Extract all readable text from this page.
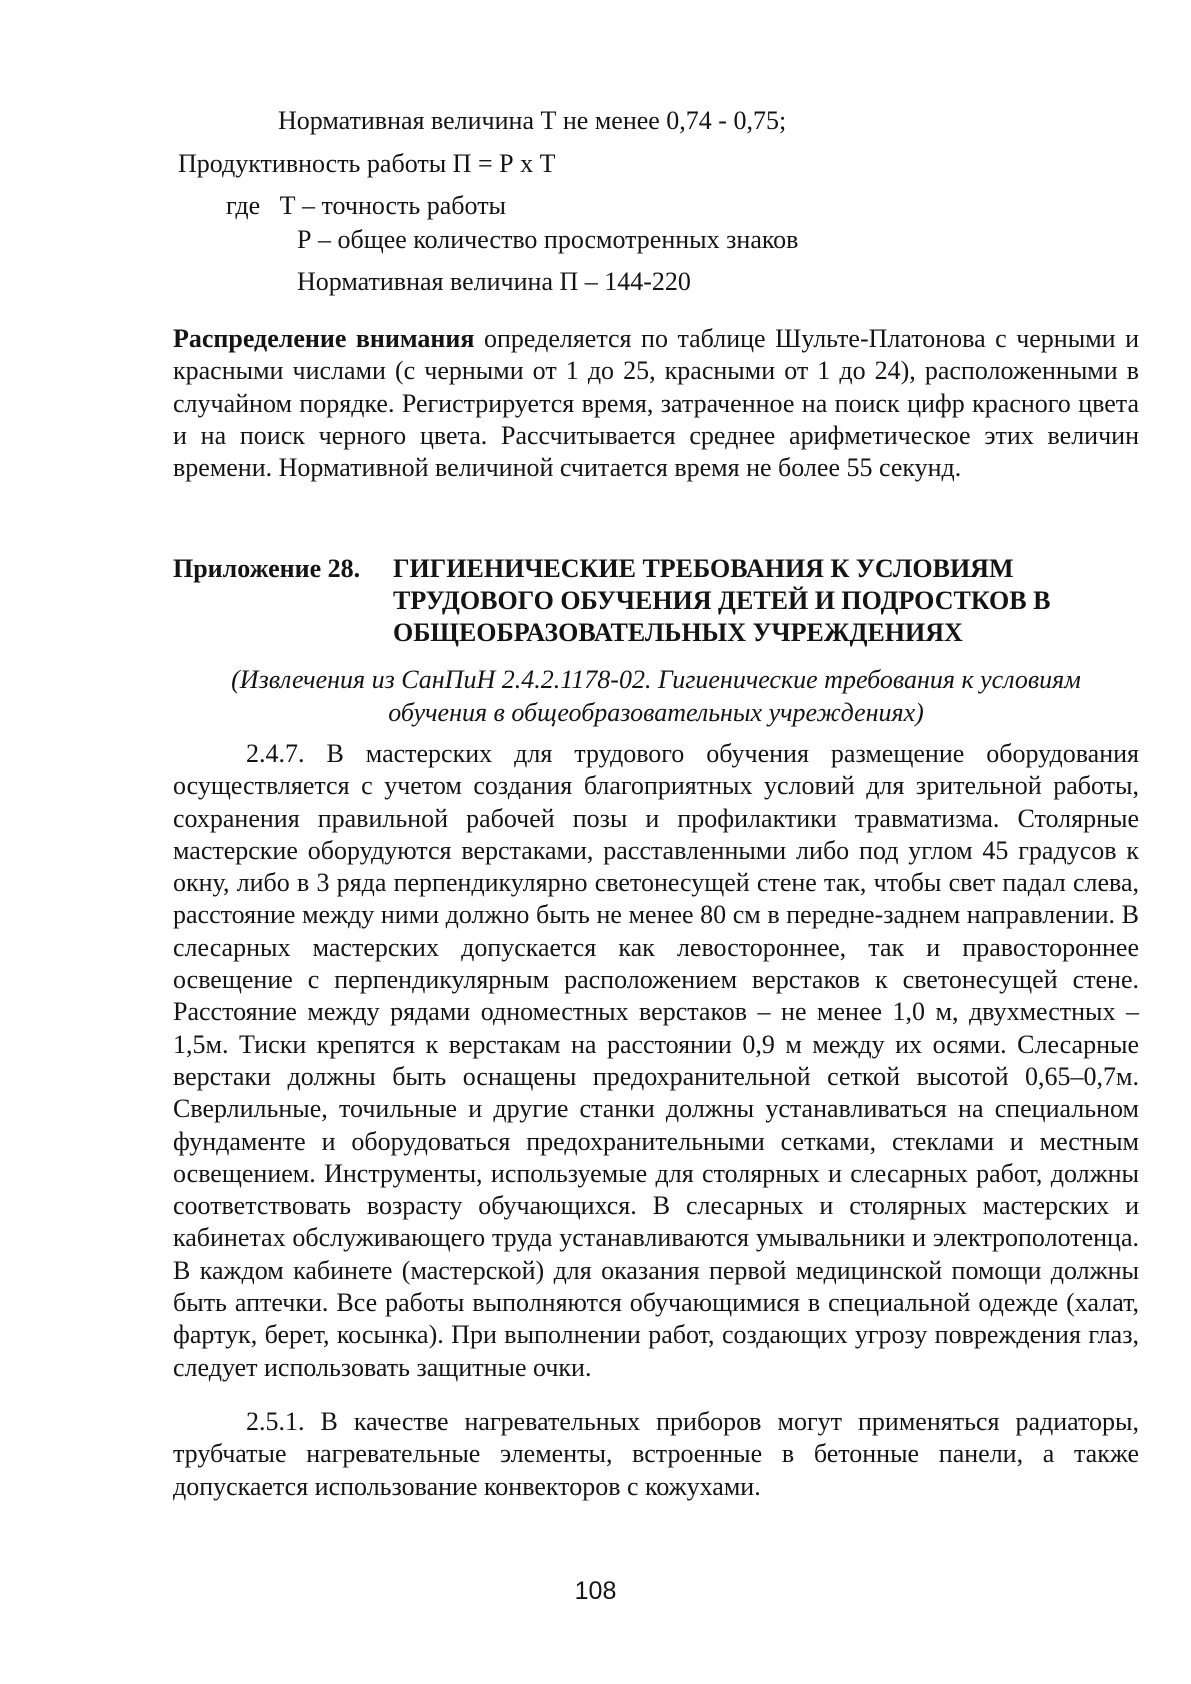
Нормативная величина Т не менее 0,74 - 0,75;
Продуктивность работы П = Р х Т
где   Т – точность работы
Р – общее количество просмотренных знаков
Нормативная величина П – 144-220
Распределение внимания определяется по таблице Шульте-Платонова с черными и красными числами (с черными от 1 до 25, красными от 1 до 24), расположенными в случайном порядке. Регистрируется время, затраченное на поиск цифр красного цвета и на поиск черного цвета. Рассчитывается среднее арифметическое этих величин времени. Нормативной величиной считается время не более 55 секунд.
Приложение 28. ГИГИЕНИЧЕСКИЕ ТРЕБОВАНИЯ К УСЛОВИЯМ
ТРУДОВОГО ОБУЧЕНИЯ ДЕТЕЙ И ПОДРОСТКОВ В
ОБЩЕОБРАЗОВАТЕЛЬНЫХ УЧРЕЖДЕНИЯХ
(Извлечения из СанПиН 2.4.2.1178-02. Гигиенические требования к условиям
обучения в общеобразовательных учреждениях)
2.4.7. В мастерских для трудового обучения размещение оборудования осуществляется с учетом создания благоприятных условий для зрительной работы, сохранения правильной рабочей позы и профилактики травматизма. Столярные мастерские оборудуются верстаками, расставленными либо под углом 45 градусов к окну, либо в 3 ряда перпендикулярно светонесущей стене так, чтобы свет падал слева, расстояние между ними должно быть не менее 80 см в передне-заднем направлении. В слесарных мастерских допускается как левостороннее, так и правостороннее освещение с перпендикулярным расположением верстаков к светонесущей стене. Расстояние между рядами одноместных верстаков – не менее 1,0 м, двухместных – 1,5м. Тиски крепятся к верстакам на расстоянии 0,9 м между их осями. Слесарные верстаки должны быть оснащены предохранительной сеткой высотой 0,65–0,7м. Сверлильные, точильные и другие станки должны устанавливаться на специальном фундаменте и оборудоваться предохранительными сетками, стеклами и местным освещением. Инструменты, используемые для столярных и слесарных работ, должны соответствовать возрасту обучающихся. В слесарных и столярных мастерских и кабинетах обслуживающего труда устанавливаются умывальники и электрополотенца. В каждом кабинете (мастерской) для оказания первой медицинской помощи должны быть аптечки. Все работы выполняются обучающимися в специальной одежде (халат, фартук, берет, косынка). При выполнении работ, создающих угрозу повреждения глаз, следует использовать защитные очки.
2.5.1. В качестве нагревательных приборов могут применяться радиаторы, трубчатые нагревательные элементы, встроенные в бетонные панели, а также допускается использование конвекторов с кожухами.
108
